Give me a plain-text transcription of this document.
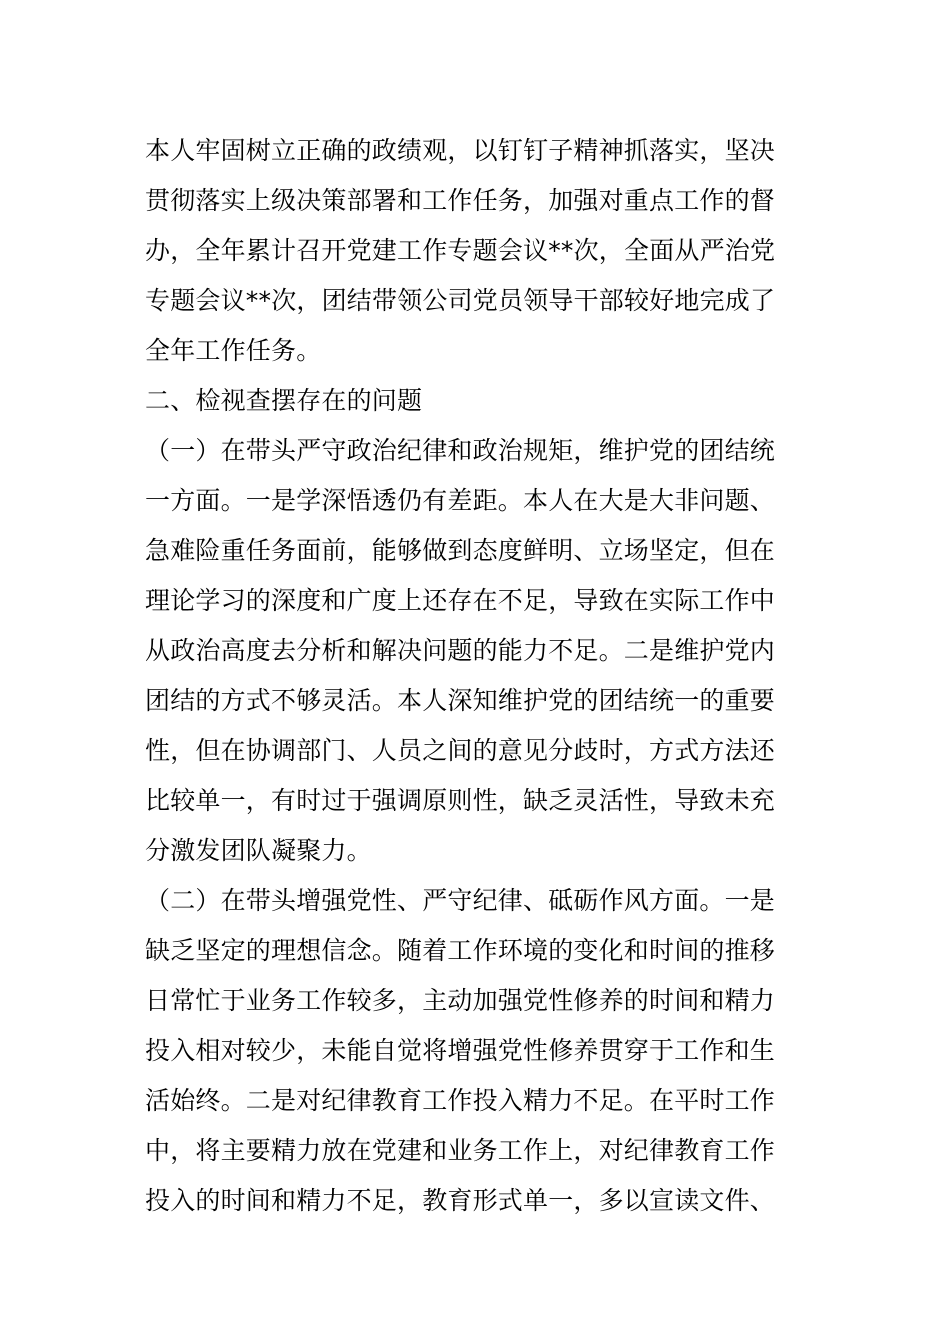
本人牢固树立正确的政绩观，以钉钉子精神抓落实，坚决
贯彻落实上级决策部署和工作任务，加强对重点工作的督
办，全年累计召开党建工作专题会议**次，全面从严治党
专题会议**次，团结带领公司党员领导干部较好地完成了
全年工作任务。
二、检视查摆存在的问题
（一）在带头严守政治纪律和政治规矩，维护党的团结统
一方面。一是学深悟透仍有差距。本人在大是大非问题、
急难险重任务面前，能够做到态度鲜明、立场坚定，但在
理论学习的深度和广度上还存在不足，导致在实际工作中
从政治高度去分析和解决问题的能力不足。二是维护党内
团结的方式不够灵活。本人深知维护党的团结统一的重要
性，但在协调部门、人员之间的意见分歧时，方式方法还
比较单一，有时过于强调原则性，缺乏灵活性，导致未充
分激发团队凝聚力。
（二）在带头增强党性、严守纪律、砥砺作风方面。一是
缺乏坚定的理想信念。随着工作环境的变化和时间的推移
日常忙于业务工作较多，主动加强党性修养的时间和精力
投入相对较少，未能自觉将增强党性修养贯穿于工作和生
活始终。二是对纪律教育工作投入精力不足。在平时工作
中，将主要精力放在党建和业务工作上，对纪律教育工作
投入的时间和精力不足，教育形式单一，多以宣读文件、
